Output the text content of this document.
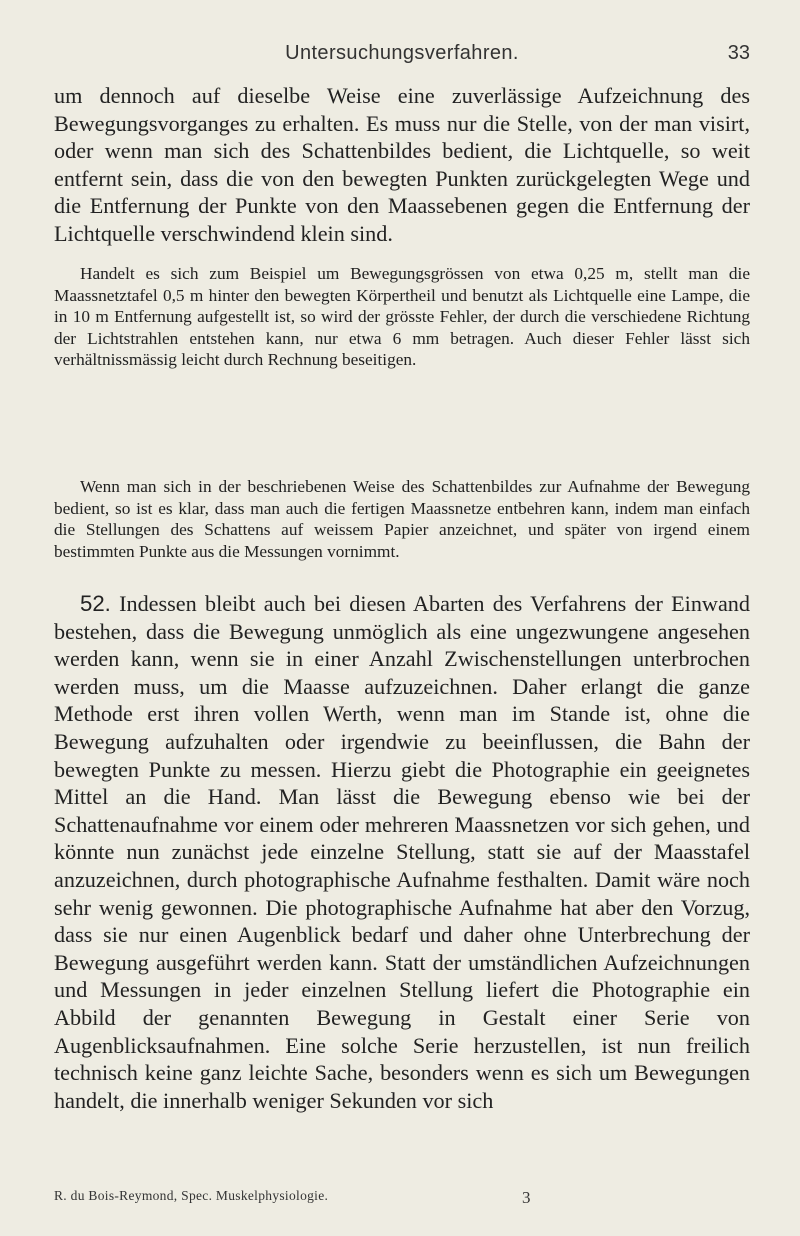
Untersuchungsverfahren.	33

um dennoch auf dieselbe Weise eine zuverlässige Aufzeichnung des Bewegungsvorganges zu erhalten. Es muss nur die Stelle, von der man visirt, oder wenn man sich des Schattenbildes bedient, die Lichtquelle, so weit entfernt sein, dass die von den bewegten Punkten zurückgelegten Wege und die Entfernung der Punkte von den Maassebenen gegen die Entfernung der Lichtquelle verschwindend klein sind.

Handelt es sich zum Beispiel um Bewegungsgrössen von etwa 0,25 m, stellt man die Maassnetztafel 0,5 m hinter den bewegten Körpertheil und benutzt als Lichtquelle eine Lampe, die in 10 m Entfernung aufgestellt ist, so wird der grösste Fehler, der durch die verschiedene Richtung der Lichtstrahlen entstehen kann, nur etwa 6 mm betragen. Auch dieser Fehler lässt sich verhältnissmässig leicht durch Rechnung beseitigen.

Wenn man sich in der beschriebenen Weise des Schattenbildes zur Aufnahme der Bewegung bedient, so ist es klar, dass man auch die fertigen Maassnetze entbehren kann, indem man einfach die Stellungen des Schattens auf weissem Papier anzeichnet, und später von irgend einem bestimmten Punkte aus die Messungen vornimmt.

52. Indessen bleibt auch bei diesen Abarten des Verfahrens der Einwand bestehen, dass die Bewegung unmöglich als eine ungezwungene angesehen werden kann, wenn sie in einer Anzahl Zwischenstellungen unterbrochen werden muss, um die Maasse aufzuzeichnen. Daher erlangt die ganze Methode erst ihren vollen Werth, wenn man im Stande ist, ohne die Bewegung aufzuhalten oder irgendwie zu beeinflussen, die Bahn der bewegten Punkte zu messen. Hierzu giebt die Photographie ein geeignetes Mittel an die Hand. Man lässt die Bewegung ebenso wie bei der Schattenaufnahme vor einem oder mehreren Maassnetzen vor sich gehen, und könnte nun zunächst jede einzelne Stellung, statt sie auf der Maasstafel anzuzeichnen, durch photographische Aufnahme festhalten. Damit wäre noch sehr wenig gewonnen. Die photographische Aufnahme hat aber den Vorzug, dass sie nur einen Augenblick bedarf und daher ohne Unterbrechung der Bewegung ausgeführt werden kann. Statt der umständlichen Aufzeichnungen und Messungen in jeder einzelnen Stellung liefert die Photographie ein Abbild der genannten Bewegung in Gestalt einer Serie von Augenblicksaufnahmen. Eine solche Serie herzustellen, ist nun freilich technisch keine ganz leichte Sache, besonders wenn es sich um Bewegungen handelt, die innerhalb weniger Sekunden vor sich

R. du Bois-Reymond, Spec. Muskelphysiologie.	3
